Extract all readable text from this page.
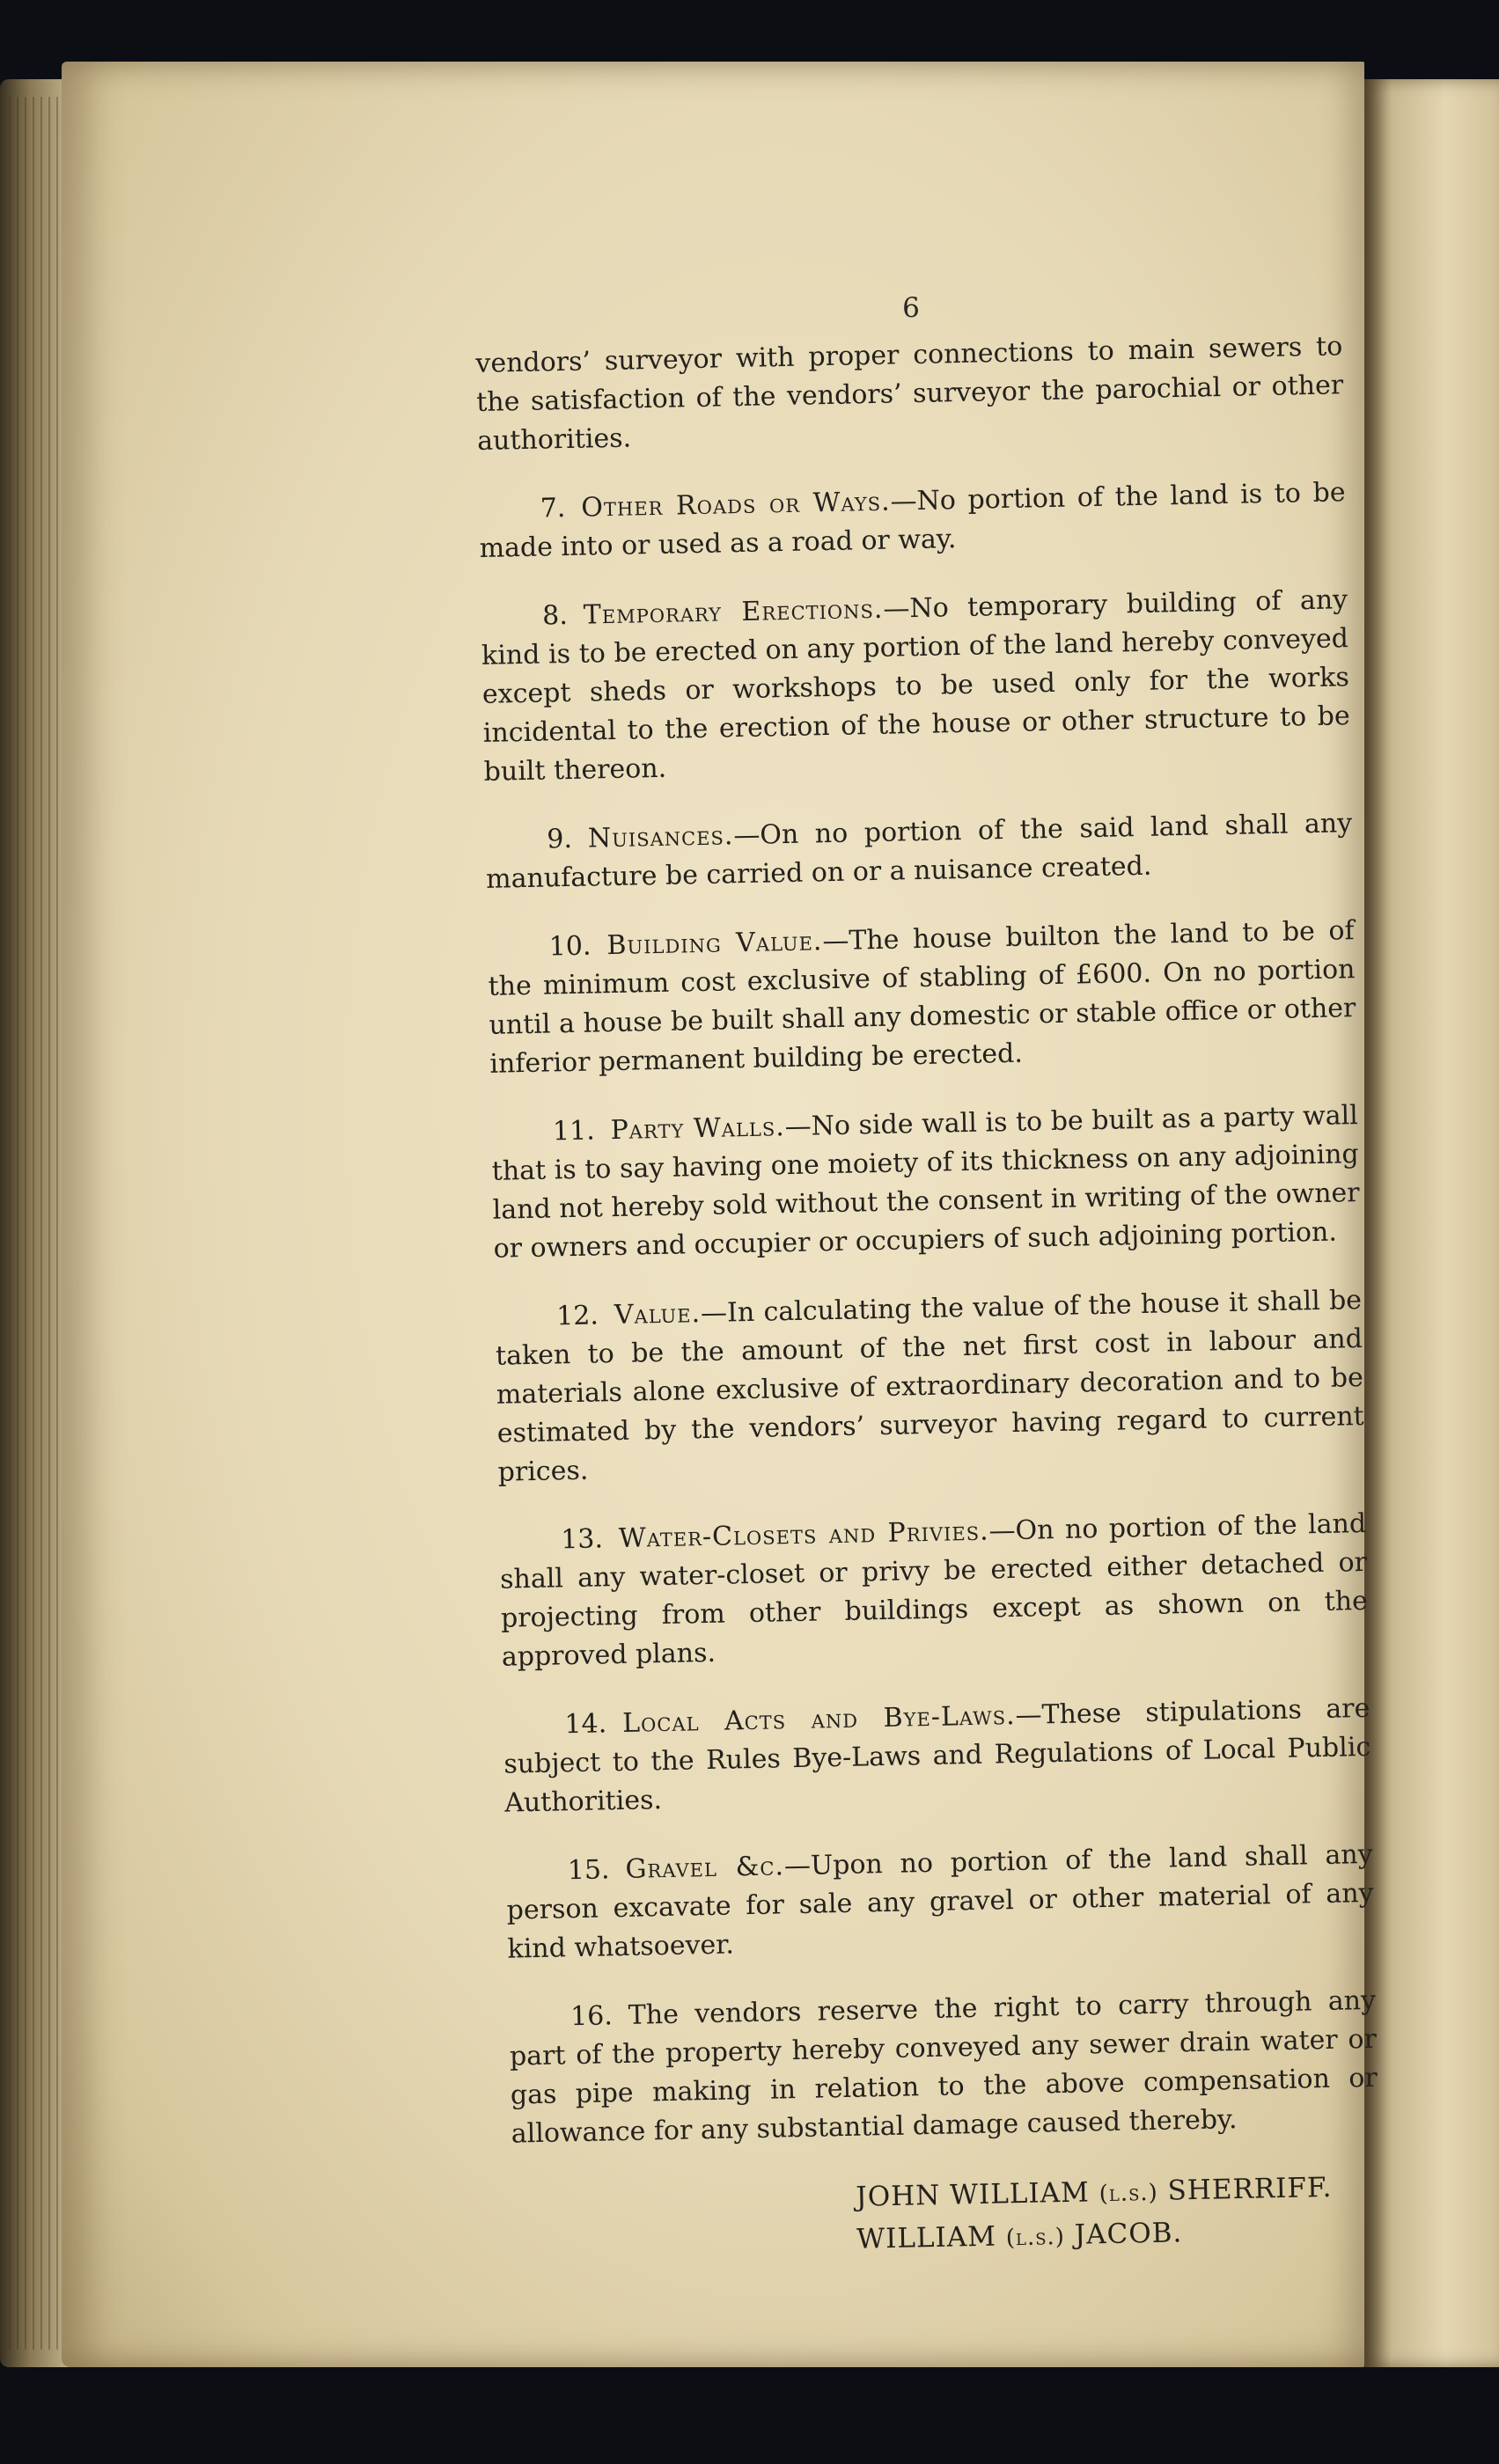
6

vendors’ surveyor with proper connections to main sewers to the satisfaction of the vendors’ surveyor the parochial or other authorities.

7. Other Roads or Ways.—No portion of the land is to be made into or used as a road or way.

8. Temporary Erections.—No temporary building of any kind is to be erected on any portion of the land hereby conveyed except sheds or workshops to be used only for the works incidental to the erection of the house or other structure to be built thereon.

9. Nuisances.—On no portion of the said land shall any manufacture be carried on or a nuisance created.

10. Building Value.—The house builton the land to be of the minimum cost exclusive of stabling of £600. On no portion until a house be built shall any domestic or stable office or other inferior permanent building be erected.

11. Party Walls.—No side wall is to be built as a party wall that is to say having one moiety of its thickness on any adjoining land not hereby sold without the consent in writing of the owner or owners and occupier or occupiers of such adjoining portion.

12. Value.—In calculating the value of the house it shall be taken to be the amount of the net first cost in labour and materials alone exclusive of extraordinary decoration and to be estimated by the vendors’ surveyor having regard to current prices.

13. Water-Closets and Privies.—On no portion of the land shall any water-closet or privy be erected either detached or projecting from other buildings except as shown on the approved plans.

14. Local Acts and Bye-Laws.—These stipulations are subject to the Rules Bye-Laws and Regulations of Local Public Authorities.

15. Gravel &c.—Upon no portion of the land shall any person excavate for sale any gravel or other material of any kind whatsoever.

16. The vendors reserve the right to carry through any part of the property hereby conveyed any sewer drain water or gas pipe making in relation to the above compensation or allowance for any substantial damage caused thereby.

JOHN WILLIAM (l.s.) SHERRIFF.
WILLIAM (l.s.) JACOB.
